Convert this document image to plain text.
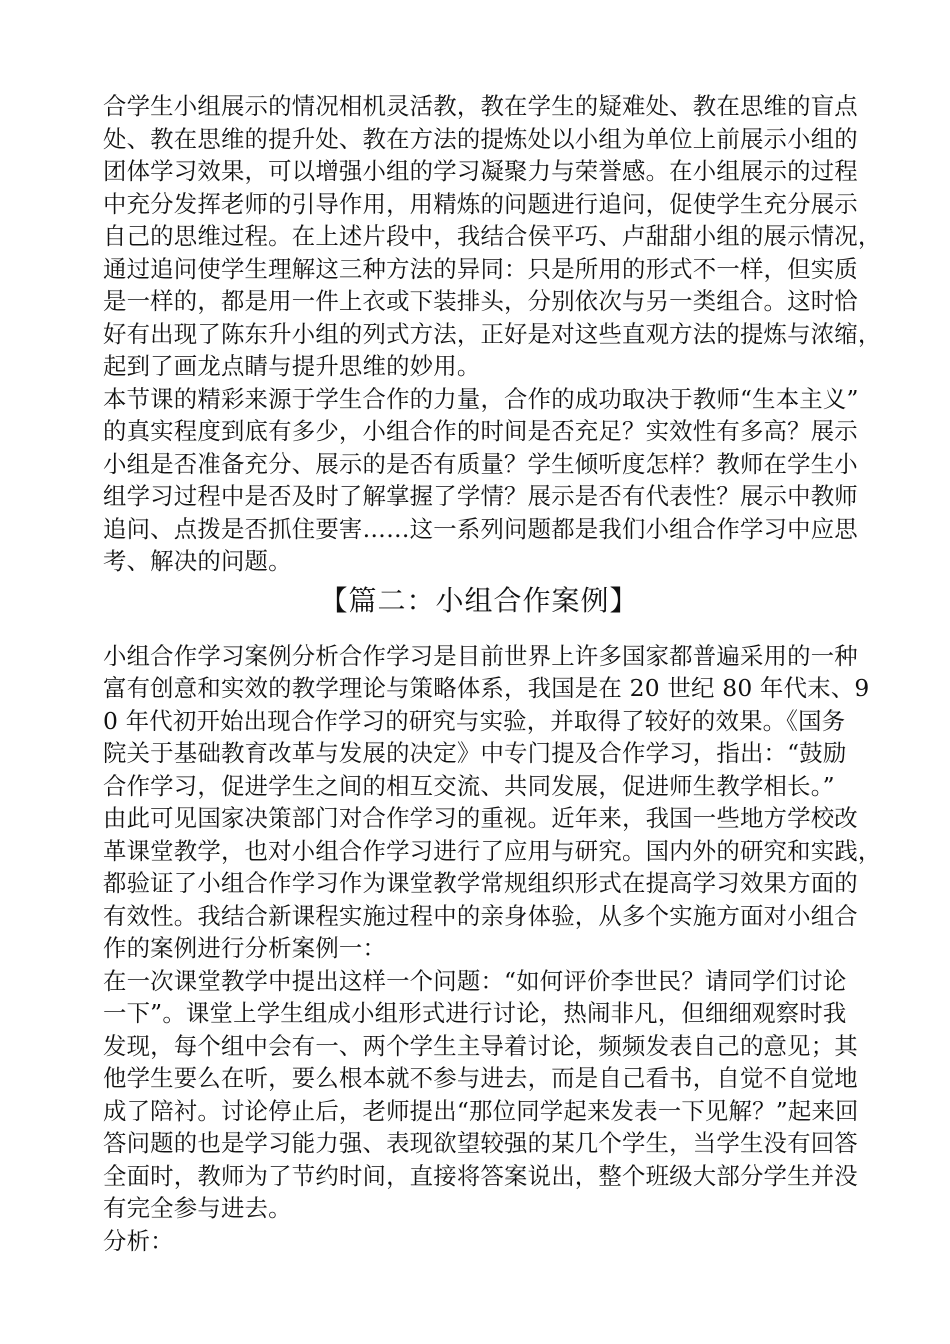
合学生小组展示的情况相机灵活教，教在学生的疑难处、教在思维的盲点
处、教在思维的提升处、教在方法的提炼处以小组为单位上前展示小组的
团体学习效果，可以增强小组的学习凝聚力与荣誉感。在小组展示的过程
中充分发挥老师的引导作用，用精炼的问题进行追问，促使学生充分展示
自己的思维过程。在上述片段中，我结合侯平巧、卢甜甜小组的展示情况，
通过追问使学生理解这三种方法的异同：只是所用的形式不一样，但实质
是一样的，都是用一件上衣或下装排头，分别依次与另一类组合。这时恰
好有出现了陈东升小组的列式方法，正好是对这些直观方法的提炼与浓缩，
起到了画龙点睛与提升思维的妙用。
本节课的精彩来源于学生合作的力量，合作的成功取决于教师“生本主义”
的真实程度到底有多少，小组合作的时间是否充足？实效性有多高？展示
小组是否准备充分、展示的是否有质量？学生倾听度怎样？教师在学生小
组学习过程中是否及时了解掌握了学情？展示是否有代表性？展示中教师
追问、点拨是否抓住要害……这一系列问题都是我们小组合作学习中应思
考、解决的问题。
【篇二：小组合作案例】
小组合作学习案例分析合作学习是目前世界上许多国家都普遍采用的一种
富有创意和实效的教学理论与策略体系，我国是在 20 世纪 80 年代末、9
0 年代初开始出现合作学习的研究与实验，并取得了较好的效果。《国务
院关于基础教育改革与发展的决定》中专门提及合作学习，指出：“鼓励
合作学习，促进学生之间的相互交流、共同发展，促进师生教学相长。”
由此可见国家决策部门对合作学习的重视。近年来，我国一些地方学校改
革课堂教学，也对小组合作学习进行了应用与研究。国内外的研究和实践，
都验证了小组合作学习作为课堂教学常规组织形式在提高学习效果方面的
有效性。我结合新课程实施过程中的亲身体验，从多个实施方面对小组合
作的案例进行分析案例一：
在一次课堂教学中提出这样一个问题：“如何评价李世民？请同学们讨论
一下”。课堂上学生组成小组形式进行讨论，热闹非凡，但细细观察时我
发现，每个组中会有一、两个学生主导着讨论，频频发表自己的意见；其
他学生要么在听，要么根本就不参与进去，而是自己看书，自觉不自觉地
成了陪衬。讨论停止后，老师提出“那位同学起来发表一下见解？”起来回
答问题的也是学习能力强、表现欲望较强的某几个学生，当学生没有回答
全面时，教师为了节约时间，直接将答案说出，整个班级大部分学生并没
有完全参与进去。
分析：
